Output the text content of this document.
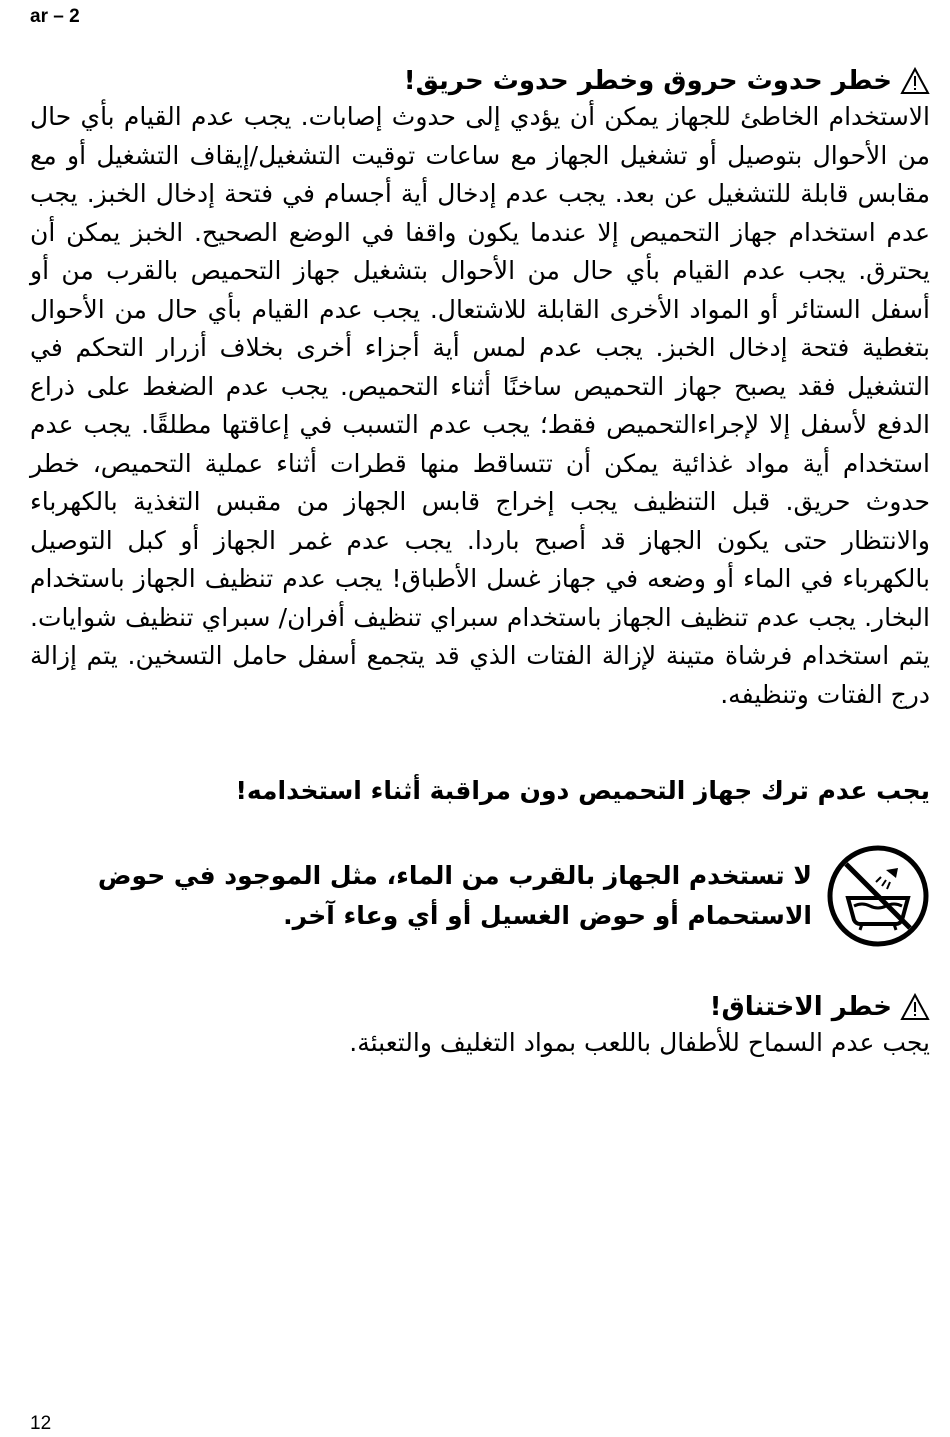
ar – 2
خطر حدوث حروق وخطر حدوث حريق!

الاستخدام الخاطئ للجهاز يمكن أن يؤدي إلى حدوث إصابات. يجب عدم القيام بأي حال من الأحوال بتوصيل أو تشغيل الجهاز مع ساعات توقيت التشغيل/إيقاف التشغيل أو مع مقابس قابلة للتشغيل عن بعد. يجب عدم إدخال أية أجسام في فتحة إدخال الخبز. يجب عدم استخدام جهاز التحميص إلا عندما يكون واقفا في الوضع الصحيح. الخبز يمكن أن يحترق. يجب عدم القيام بأي حال من الأحوال بتشغيل جهاز التحميص بالقرب من أو أسفل الستائر أو المواد الأخرى القابلة للاشتعال. يجب عدم القيام بأي حال من الأحوال بتغطية فتحة إدخال الخبز. يجب عدم لمس أية أجزاء أخرى بخلاف أزرار التحكم في التشغيل فقد يصبح جهاز التحميص ساخنًا أثناء التحميص. يجب عدم الضغط على ذراع الدفع لأسفل إلا لإجراءالتحميص فقط؛ يجب عدم التسبب في إعاقتها مطلقًا. يجب عدم استخدام أية مواد غذائية يمكن أن تتساقط منها قطرات أثناء عملية التحميص، خطر حدوث حريق. قبل التنظيف يجب إخراج قابس الجهاز من مقبس التغذية بالكهرباء والانتظار حتى يكون الجهاز قد أصبح باردا. يجب عدم غمر الجهاز أو كبل التوصيل بالكهرباء في الماء أو وضعه في جهاز غسل الأطباق! يجب عدم تنظيف الجهاز باستخدام البخار. يجب عدم تنظيف الجهاز باستخدام سبراي تنظيف أفران/ سبراي تنظيف شوايات. يتم استخدام فرشاة متينة لإزالة الفتات الذي قد يتجمع أسفل حامل التسخين. يتم إزالة درج الفتات وتنظيفه.

يجب عدم ترك جهاز التحميص دون مراقبة أثناء استخدامه!
لا تستخدم الجهاز بالقرب من الماء، مثل الموجود في حوض الاستحمام أو حوض الغسيل أو أي وعاء آخر.
خطر الاختناق!
يجب عدم السماح للأطفال باللعب بمواد التغليف والتعبئة.
12
